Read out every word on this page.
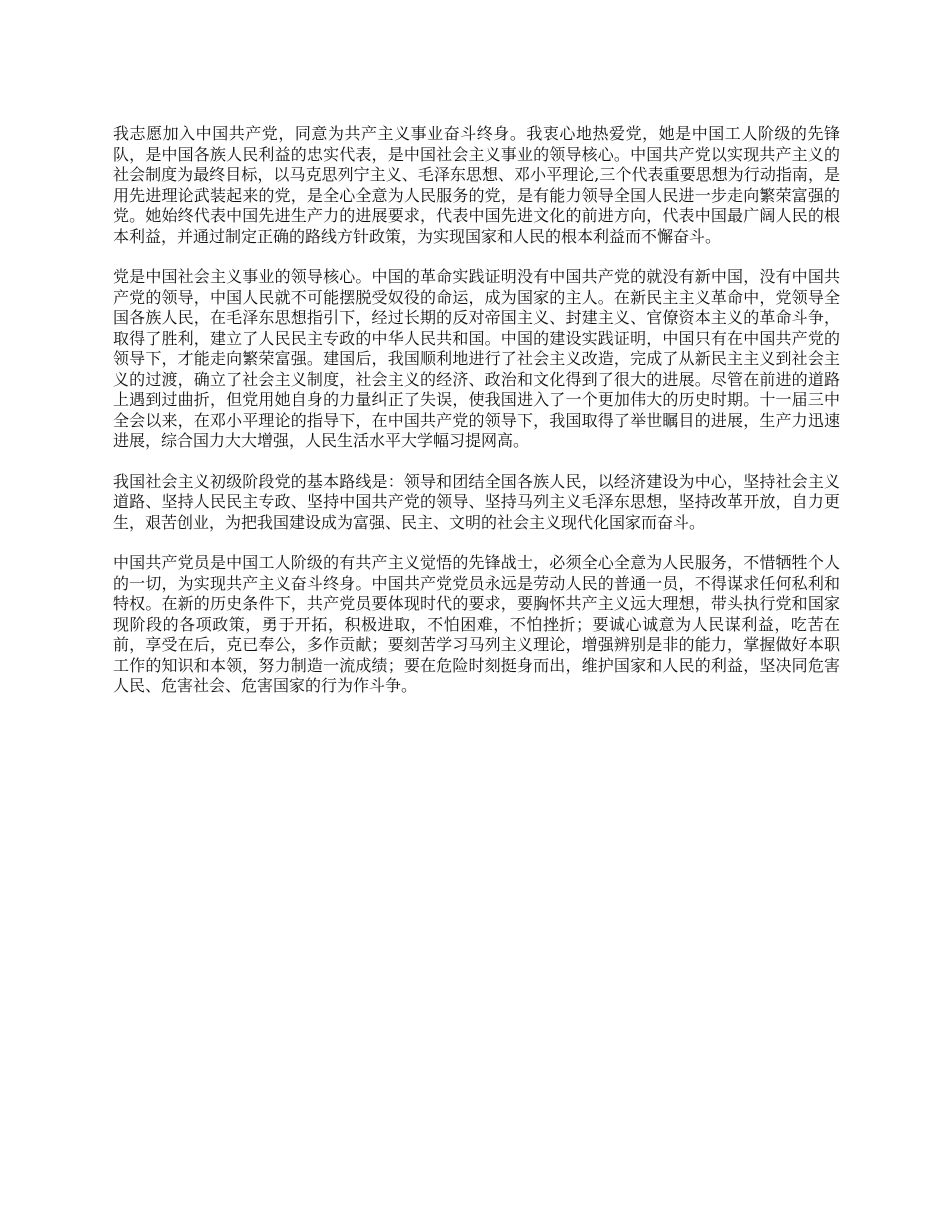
我志愿加入中国共产党，同意为共产主义事业奋斗终身。我衷心地热爱党，她是中国工人阶级的先锋队，是中国各族人民利益的忠实代表，是中国社会主义事业的领导核心。中国共产党以实现共产主义的社会制度为最终目标，以马克思列宁主义、毛泽东思想、邓小平理论,三个代表重要思想为行动指南，是用先进理论武装起来的党，是全心全意为人民服务的党，是有能力领导全国人民进一步走向繁荣富强的党。她始终代表中国先进生产力的进展要求，代表中国先进文化的前进方向，代表中国最广阔人民的根本利益，并通过制定正确的路线方针政策，为实现国家和人民的根本利益而不懈奋斗。

党是中国社会主义事业的领导核心。中国的革命实践证明没有中国共产党的就没有新中国，没有中国共产党的领导，中国人民就不可能摆脱受奴役的命运，成为国家的主人。在新民主主义革命中，党领导全国各族人民，在毛泽东思想指引下，经过长期的反对帝国主义、封建主义、官僚资本主义的革命斗争，取得了胜利，建立了人民民主专政的中华人民共和国。中国的建设实践证明，中国只有在中国共产党的领导下，才能走向繁荣富强。建国后，我国顺利地进行了社会主义改造，完成了从新民主主义到社会主义的过渡，确立了社会主义制度，社会主义的经济、政治和文化得到了很大的进展。尽管在前进的道路上遇到过曲折，但党用她自身的力量纠正了失误，使我国进入了一个更加伟大的历史时期。十一届三中全会以来，在邓小平理论的指导下，在中国共产党的领导下，我国取得了举世瞩目的进展，生产力迅速进展，综合国力大大增强，人民生活水平大学幅习提网高。

我国社会主义初级阶段党的基本路线是：领导和团结全国各族人民，以经济建设为中心，坚持社会主义道路、坚持人民民主专政、坚持中国共产党的领导、坚持马列主义毛泽东思想，坚持改革开放，自力更生，艰苦创业，为把我国建设成为富强、民主、文明的社会主义现代化国家而奋斗。

中国共产党员是中国工人阶级的有共产主义觉悟的先锋战士，必须全心全意为人民服务，不惜牺牲个人的一切，为实现共产主义奋斗终身。中国共产党党员永远是劳动人民的普通一员，不得谋求任何私利和特权。在新的历史条件下，共产党员要体现时代的要求，要胸怀共产主义远大理想，带头执行党和国家现阶段的各项政策，勇于开拓，积极进取，不怕困难，不怕挫折；要诚心诚意为人民谋利益，吃苦在前，享受在后，克已奉公，多作贡献；要刻苦学习马列主义理论，增强辨别是非的能力，掌握做好本职工作的知识和本领，努力制造一流成绩；要在危险时刻挺身而出，维护国家和人民的利益，坚决同危害人民、危害社会、危害国家的行为作斗争。
